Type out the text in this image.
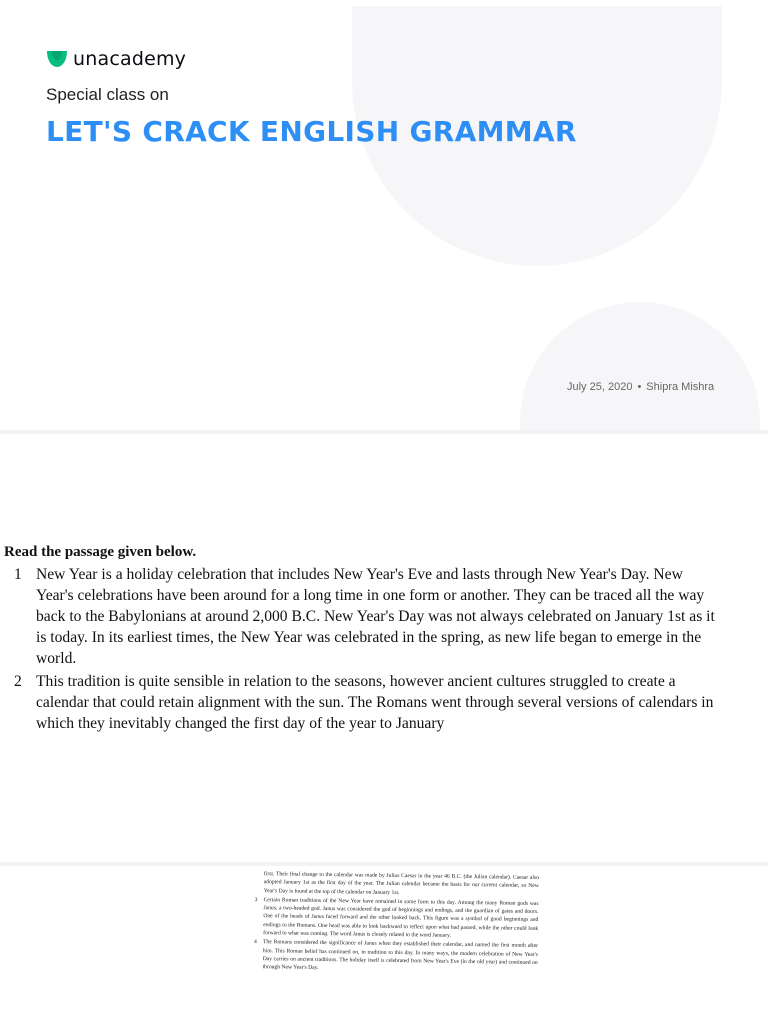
unacademy
Special class on
LET'S CRACK ENGLISH GRAMMAR
July 25, 2020 • Shipra Mishra
Read the passage given below.
1 New Year is a holiday celebration that includes New Year's Eve and lasts through New Year's Day. New Year's celebrations have been around for a long time in one form or another. They can be traced all the way back to the Babylonians at around 2,000 B.C. New Year's Day was not always celebrated on January 1st as it is today. In its earliest times, the New Year was celebrated in the spring, as new life began to emerge in the world.
2 This tradition is quite sensible in relation to the seasons, however ancient cultures struggled to create a calendar that could retain alignment with the sun. The Romans went through several versions of calendars in which they inevitably changed the first day of the year to January
first. Their final change to the calendar was made by Julius Caesar in the year 46 B.C. (the Julian calendar). Caesar also adopted January 1st as the first day of the year. The Julian calendar became the basis for our current calendar, so New Year's Day is found at the top of the calendar on January 1st.
3 Certain Roman traditions of the New Year have remained in some form to this day. Among the many Roman gods was Janus, a two-headed god. Janus was considered the god of beginnings and endings, and the guardian of gates and doors. One of the heads of Janus faced forward and the other looked back. This figure was a symbol of good beginnings and endings to the Romans. One head was able to look backward to reflect upon what had passed, while the other could look forward to what was coming. The word Janus is closely related to the word January.
4 The Romans considered the significance of Janus when they established their calendar, and named the first month after him. This Roman belief has continued on, in tradition to this day. In many ways, the modern celebration of New Year's Day carries on ancient traditions. The holiday itself is celebrated from New Year's Eve (in the old year) and continued on through New Year's Day.
